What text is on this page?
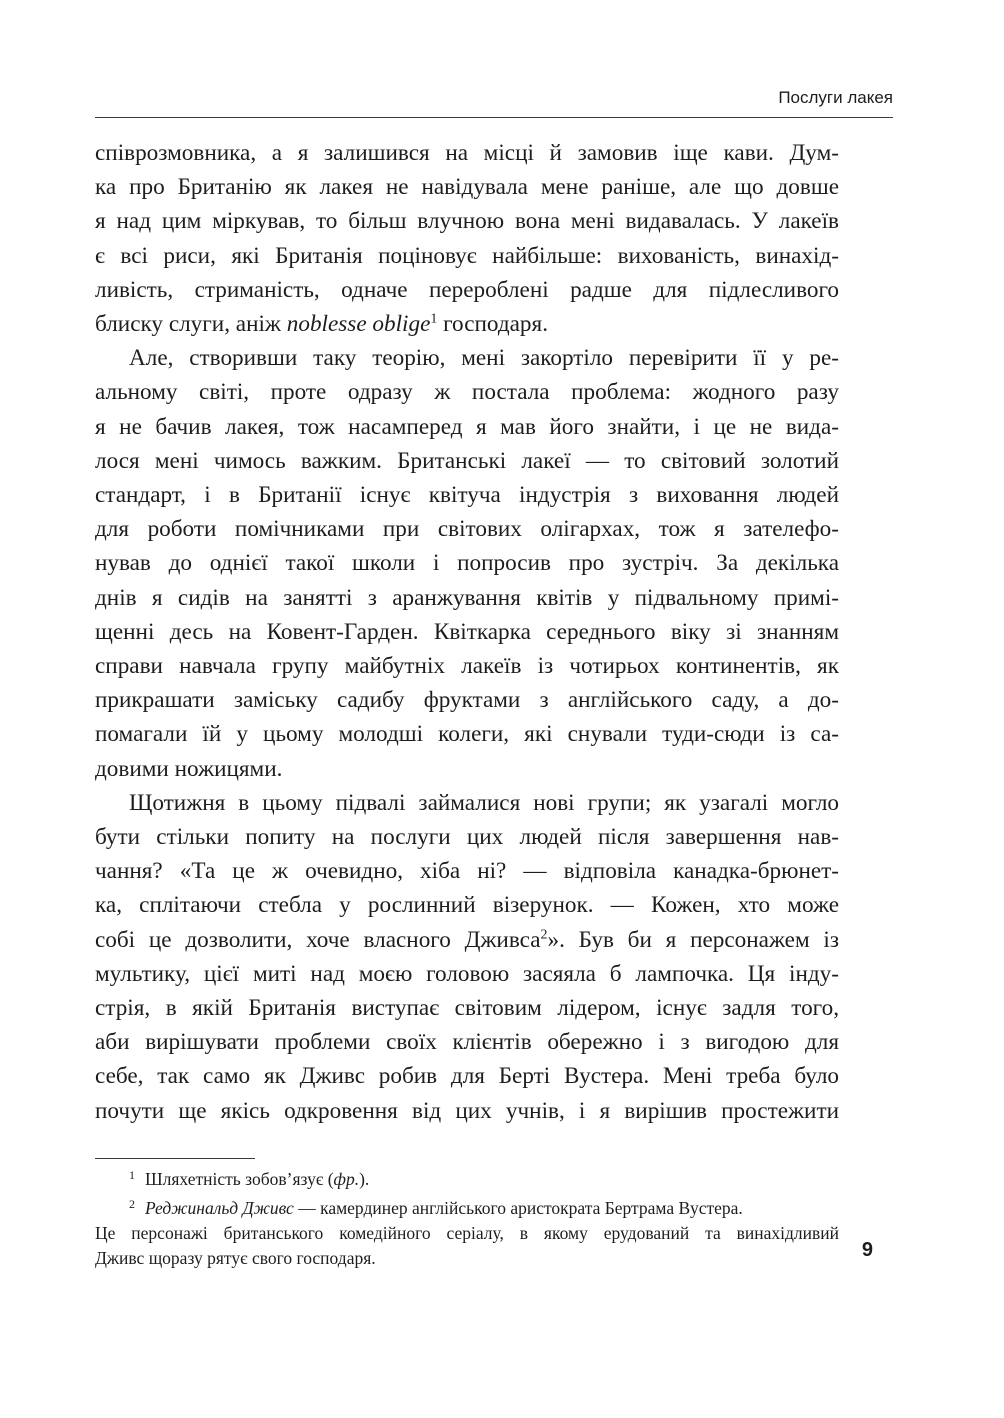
Послуги лакея
співрозмовника, а я залишився на місці й замовив іще кави. Дум-
ка про Британію як лакея не навідувала мене раніше, але що довше
я над цим міркував, то більш влучною вона мені видавалась. У лакеїв
є всі риси, які Британія поціновує найбільше: вихованість, винахід-
ливість, стриманість, одначе перероблені радше для підлесливого
блиску слуги, аніж noblesse oblige$^1$ господаря.
Але, створивши таку теорію, мені закортіло перевірити її у ре-
альному світі, проте одразу ж постала проблема: жодного разу
я не бачив лакея, тож насамперед я мав його знайти, і це не вида-
лося мені чимось важким. Британські лакеї — то світовий золотий
стандарт, і в Британії існує квітуча індустрія з виховання людей
для роботи помічниками при світових олігархах, тож я зателефо-
нував до однієї такої школи і попросив про зустріч. За декілька
днів я сидів на занятті з аранжування квітів у підвальному примі-
щенні десь на Ковент-Гарден. Квіткарка середнього віку зі знанням
справи навчала групу майбутніх лакеїв із чотирьох континентів, як
прикрашати заміську садибу фруктами з англійського саду, а до-
помагали їй у цьому молодші колеги, які снували туди-сюди із са-
довими ножицями.
Щотижня в цьому підвалі займалися нові групи; як узагалі могло
бути стільки попиту на послуги цих людей після завершення нав-
чання? «Та це ж очевидно, хіба ні? — відповіла канадка-брюнет-
ка, сплітаючи стебла у рослинний візерунок. — Кожен, хто може
собі це дозволити, хоче власного Дживса$^2$». Був би я персонажем із
мультику, цієї миті над моєю головою засяяла б лампочка. Ця інду-
стрія, в якій Британія виступає світовим лідером, існує задля того,
аби вирішувати проблеми своїх клієнтів обережно і з вигодою для
себе, так само як Дживс робив для Берті Вустера. Мені треба було
почути ще якісь одкровення від цих учнів, і я вирішив простежити
$^1$ Шляхетність зобов’язує (фр.).
$^2$ Реджинальд Дживс — камердинер англійського аристократа Бертрама Вустера.
Це персонажі британського комедійного серіалу, в якому ерудований та винахідливий
Дживс щоразу рятує свого господаря.	9
